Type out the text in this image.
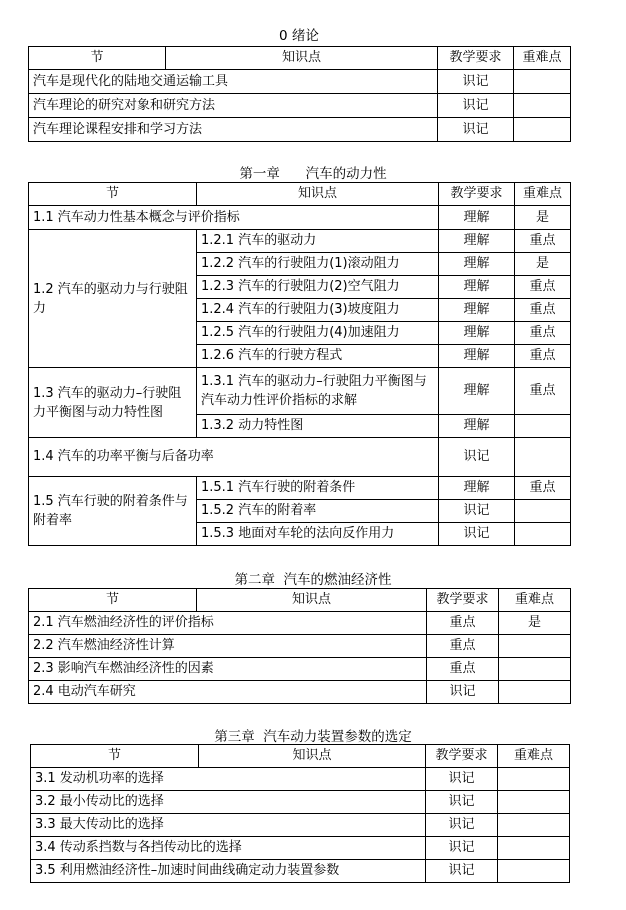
0 绪论
节	知识点	教学要求	重难点
汽车是现代化的陆地交通运输工具		识记	
汽车理论的研究对象和研究方法		识记	
汽车理论课程安排和学习方法		识记	
第一章      汽车的动力性
节	知识点	教学要求	重难点
1.1 汽车动力性基本概念与评价指标		理解	是
1.2 汽车的驱动力与行驶阻力	1.2.1 汽车的驱动力	理解	重点
	1.2.2 汽车的行驶阻力(1)滚动阻力	理解	是
	1.2.3 汽车的行驶阻力(2)空气阻力	理解	重点
	1.2.4 汽车的行驶阻力(3)坡度阻力	理解	重点
	1.2.5 汽车的行驶阻力(4)加速阻力	理解	重点
	1.2.6 汽车的行驶方程式	理解	重点
1.3 汽车的驱动力–行驶阻力平衡图与动力特性图	1.3.1 汽车的驱动力–行驶阻力平衡图与汽车动力性评价指标的求解	理解	重点
	1.3.2 动力特性图	理解	
1.4 汽车的功率平衡与后备功率		识记	
1.5 汽车行驶的附着条件与附着率	1.5.1 汽车行驶的附着条件	理解	重点
	1.5.2 汽车的附着率	识记	
	1.5.3 地面对车轮的法向反作用力	识记	
第二章  汽车的燃油经济性
节	知识点	教学要求	重难点
2.1 汽车燃油经济性的评价指标		重点	是
2.2 汽车燃油经济性计算		重点	
2.3 影响汽车燃油经济性的因素		重点	
2.4 电动汽车研究		识记	
第三章  汽车动力装置参数的选定
节	知识点	教学要求	重难点
3.1 发动机功率的选择		识记	
3.2 最小传动比的选择		识记	
3.3 最大传动比的选择		识记	
3.4 传动系挡数与各挡传动比的选择		识记	
3.5 利用燃油经济性–加速时间曲线确定动力装置参数		识记	
